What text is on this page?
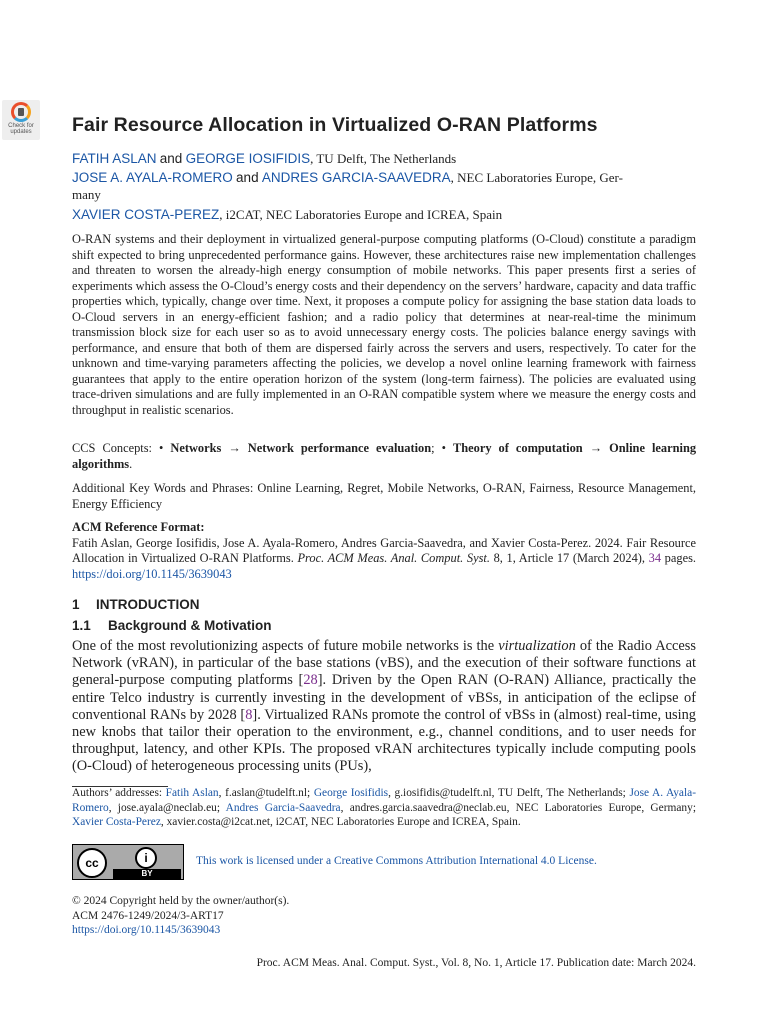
Check for
updates	Fair Resource Allocation in Virtualized O-RAN Platforms
FATIH ASLAN and GEORGE IOSIFIDIS, TU Delft, The Netherlands
JOSE A. AYALA-ROMERO and ANDRES GARCIA-SAAVEDRA, NEC Laboratories Europe, Ger-
many
XAVIER COSTA-PEREZ, i2CAT, NEC Laboratories Europe and ICREA, Spain

O-RAN systems and their deployment in virtualized general-purpose computing platforms (O-Cloud) constitute a paradigm shift expected to bring unprecedented performance gains. However, these architectures raise new implementation challenges and threaten to worsen the already-high energy consumption of mobile networks. This paper presents first a series of experiments which assess the O-Cloud’s energy costs and their dependency on the servers’ hardware, capacity and data traffic properties which, typically, change over time. Next, it proposes a compute policy for assigning the base station data loads to O-Cloud servers in an energy-efficient fashion; and a radio policy that determines at near-real-time the minimum transmission block size for each user so as to avoid unnecessary energy costs. The policies balance energy savings with performance, and ensure that both of them are dispersed fairly across the servers and users, respectively. To cater for the unknown and time-varying parameters affecting the policies, we develop a novel online learning framework with fairness guarantees that apply to the entire operation horizon of the system (long-term fairness). The policies are evaluated using trace-driven simulations and are fully implemented in an O-RAN compatible system where we measure the energy costs and throughput in realistic scenarios.

CCS Concepts: • Networks → Network performance evaluation; • Theory of computation → Online learning algorithms.

Additional Key Words and Phrases: Online Learning, Regret, Mobile Networks, O-RAN, Fairness, Resource Management, Energy Efficiency

ACM Reference Format:
Fatih Aslan, George Iosifidis, Jose A. Ayala-Romero, Andres Garcia-Saavedra, and Xavier Costa-Perez. 2024. Fair Resource Allocation in Virtualized O-RAN Platforms. Proc. ACM Meas. Anal. Comput. Syst. 8, 1, Article 17 (March 2024), 34 pages. https://doi.org/10.1145/3639043

1 INTRODUCTION
1.1 Background & Motivation

One of the most revolutionizing aspects of future mobile networks is the virtualization of the Radio Access Network (vRAN), in particular of the base stations (vBS), and the execution of their software functions at general-purpose computing platforms [28]. Driven by the Open RAN (O-RAN) Alliance, practically the entire Telco industry is currently investing in the development of vBSs, in anticipation of the eclipse of conventional RANs by 2028 [8]. Virtualized RANs promote the control of vBSs in (almost) real-time, using new knobs that tailor their operation to the environment, e.g., channel conditions, and to user needs for throughput, latency, and other KPIs. The proposed vRAN architectures typically include computing pools (O-Cloud) of heterogeneous processing units (PUs),

Authors’ addresses: Fatih Aslan, f.aslan@tudelft.nl; George Iosifidis, g.iosifidis@tudelft.nl, TU Delft, The Netherlands; Jose A. Ayala-Romero, jose.ayala@neclab.eu; Andres Garcia-Saavedra, andres.garcia.saavedra@neclab.eu, NEC Laboratories Europe, Germany; Xavier Costa-Perez, xavier.costa@i2cat.net, i2CAT, NEC Laboratories Europe and ICREA, Spain.

cc	i
BY
This work is licensed under a Creative Commons Attribution International 4.0 License.
© 2024 Copyright held by the owner/author(s).
ACM 2476-1249/2024/3-ART17
https://doi.org/10.1145/3639043
Proc. ACM Meas. Anal. Comput. Syst., Vol. 8, No. 1, Article 17. Publication date: March 2024.
